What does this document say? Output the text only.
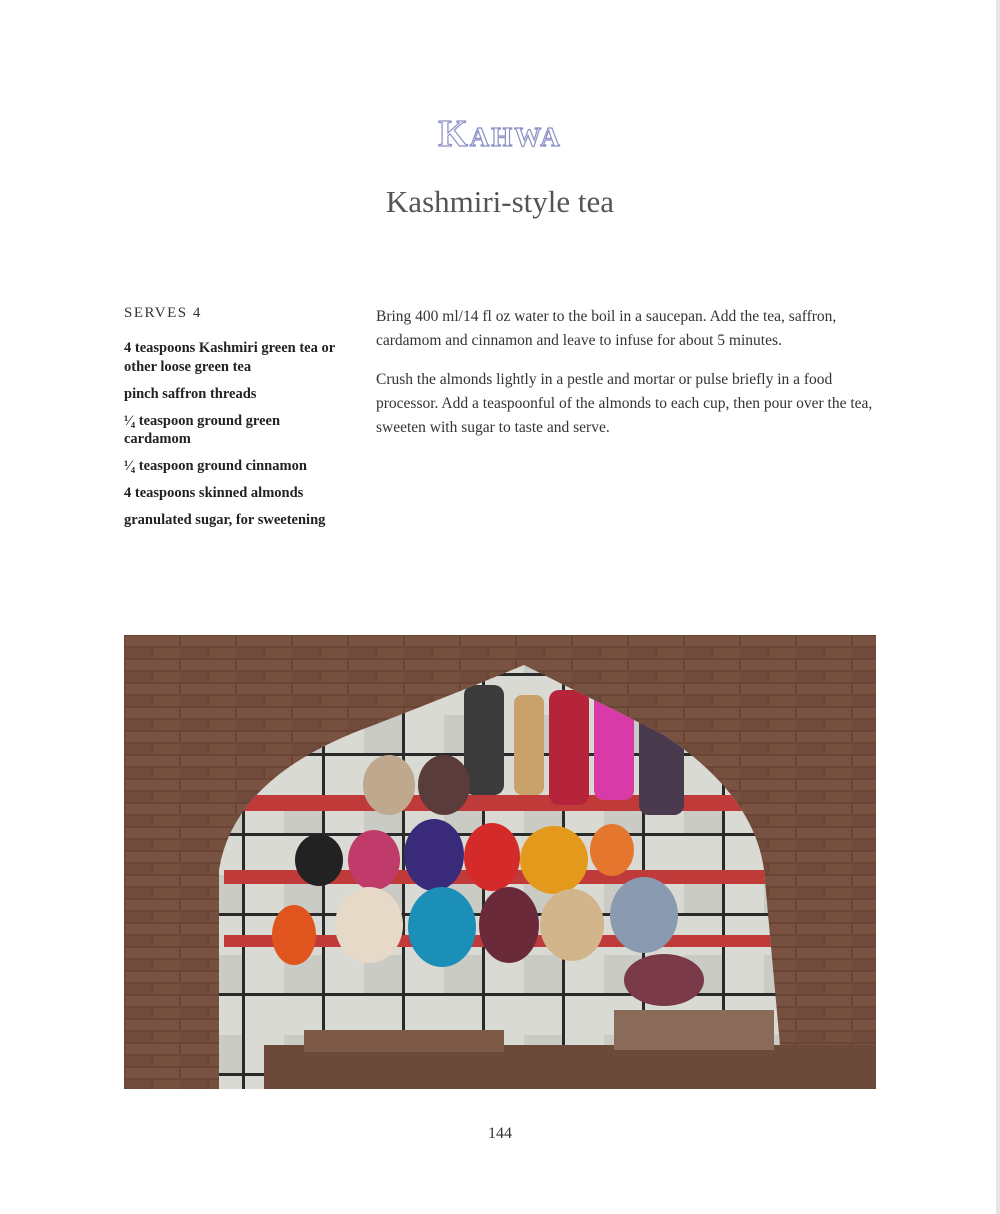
Kahwa
Kashmiri-style tea
SERVES 4
4 teaspoons Kashmiri green tea or other loose green tea
pinch saffron threads
¹⁄₄ teaspoon ground green cardamom
¹⁄₄ teaspoon ground cinnamon
4 teaspoons skinned almonds
granulated sugar, for sweetening

Bring 400 ml/14 fl oz water to the boil in a saucepan. Add the tea, saffron, cardamom and cinnamon and leave to infuse for about 5 minutes.

Crush the almonds lightly in a pestle and mortar or pulse briefly in a food processor. Add a teaspoonful of the almonds to each cup, then pour over the tea, sweeten with sugar to taste and serve.

144
